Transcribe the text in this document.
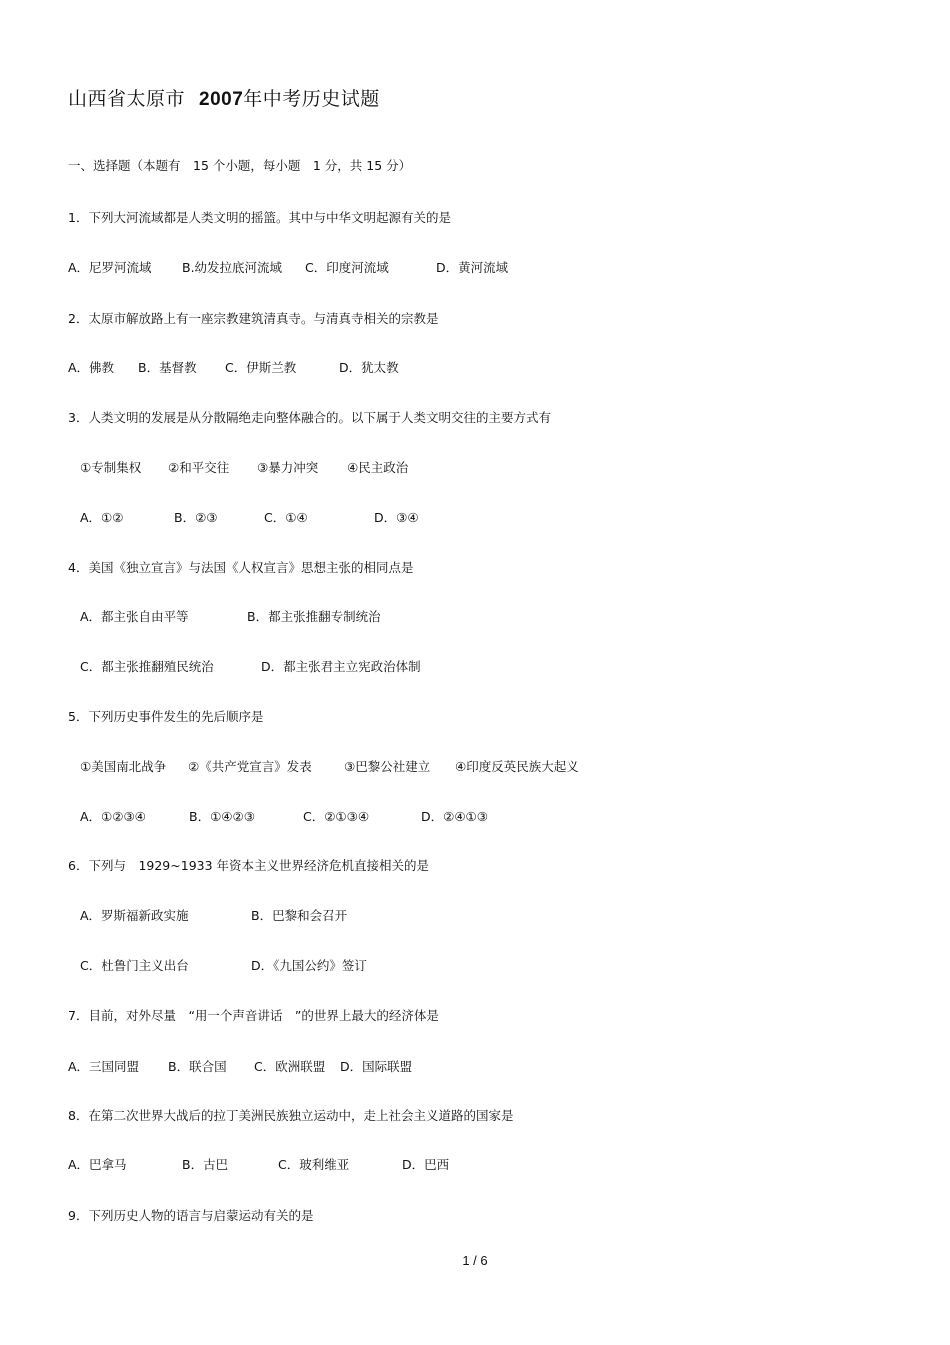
山西省太原市 2007年中考历史试题
一、选择题（本题有　15 个小题，每小题　1 分，共 15 分）
1．下列大河流域都是人类文明的摇篮。其中与中华文明起源有关的是
A．尼罗河流域 B.幼发拉底河流域 C．印度河流域	D．黄河流域
2．太原市解放路上有一座宗教建筑清真寺。与清真寺相关的宗教是
A．佛教 B．基督教 C．伊斯兰教	D．犹太教
3．人类文明的发展是从分散隔绝走向整体融合的。以下属于人类文明交往的主要方式有
①专制集权 ②和平交往 ③暴力冲突 ④民主政治
A．①②	B．②③	C．①④	D．③④
4．美国《独立宣言》与法国《人权宣言》思想主张的相同点是
A．都主张自由平等	B．都主张推翻专制统治
C．都主张推翻殖民统治	D．都主张君主立宪政治体制
5．下列历史事件发生的先后顺序是
①美国南北战争 ②《共产党宣言》发表	③巴黎公社建立 ④印度反英民族大起义
A．①②③④	B．①④②③	C．②①③④	D．②④①③
6．下列与　1929~1933 年资本主义世界经济危机直接相关的是
A．罗斯福新政实施	B．巴黎和会召开
C．杜鲁门主义出台	D．《九国公约》签订
7．目前，对外尽量　“用一个声音讲话　”的世界上最大的经济体是
A．三国同盟 B．联合国 C．欧洲联盟 D．国际联盟
8．在第二次世界大战后的拉丁美洲民族独立运动中，走上社会主义道路的国家是
A．巴拿马	B．古巴	C．玻利维亚	D．巴西
9．下列历史人物的语言与启蒙运动有关的是
1 / 6
